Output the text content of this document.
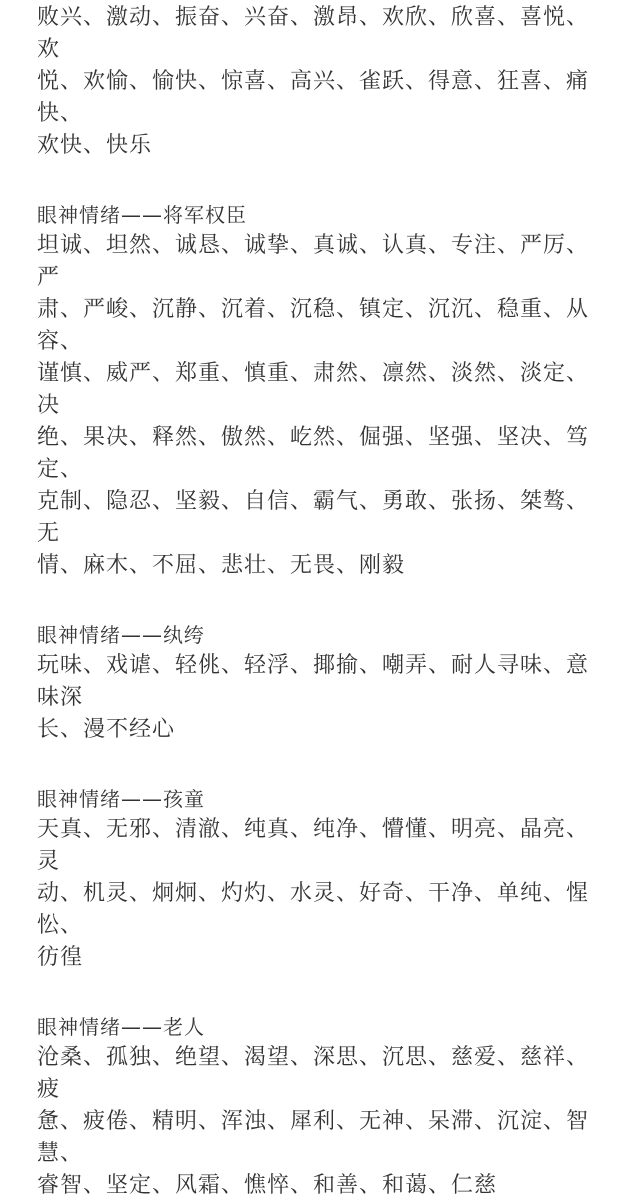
败兴、激动、振奋、兴奋、激昂、欢欣、欣喜、喜悦、欢
悦、欢愉、愉快、惊喜、高兴、雀跃、得意、狂喜、痛快、
欢快、快乐

眼神情绪——将军权臣

坦诚、坦然、诚恳、诚挚、真诚、认真、专注、严厉、严
肃、严峻、沉静、沉着、沉稳、镇定、沉沉、稳重、从容、
谨慎、威严、郑重、慎重、肃然、凛然、淡然、淡定、决
绝、果决、释然、傲然、屹然、倔强、坚强、坚决、笃定、
克制、隐忍、坚毅、自信、霸气、勇敢、张扬、桀骜、无
情、麻木、不屈、悲壮、无畏、刚毅

眼神情绪——纨绔

玩味、戏谑、轻佻、轻浮、揶揄、嘲弄、耐人寻味、意味深
长、漫不经心

眼神情绪——孩童

天真、无邪、清澈、纯真、纯净、懵懂、明亮、晶亮、灵
动、机灵、炯炯、灼灼、水灵、好奇、干净、单纯、惺忪、
彷徨

眼神情绪——老人

沧桑、孤独、绝望、渴望、深思、沉思、慈爱、慈祥、疲
惫、疲倦、精明、浑浊、犀利、无神、呆滞、沉淀、智慧、
睿智、坚定、风霜、憔悴、和善、和蔼、仁慈
